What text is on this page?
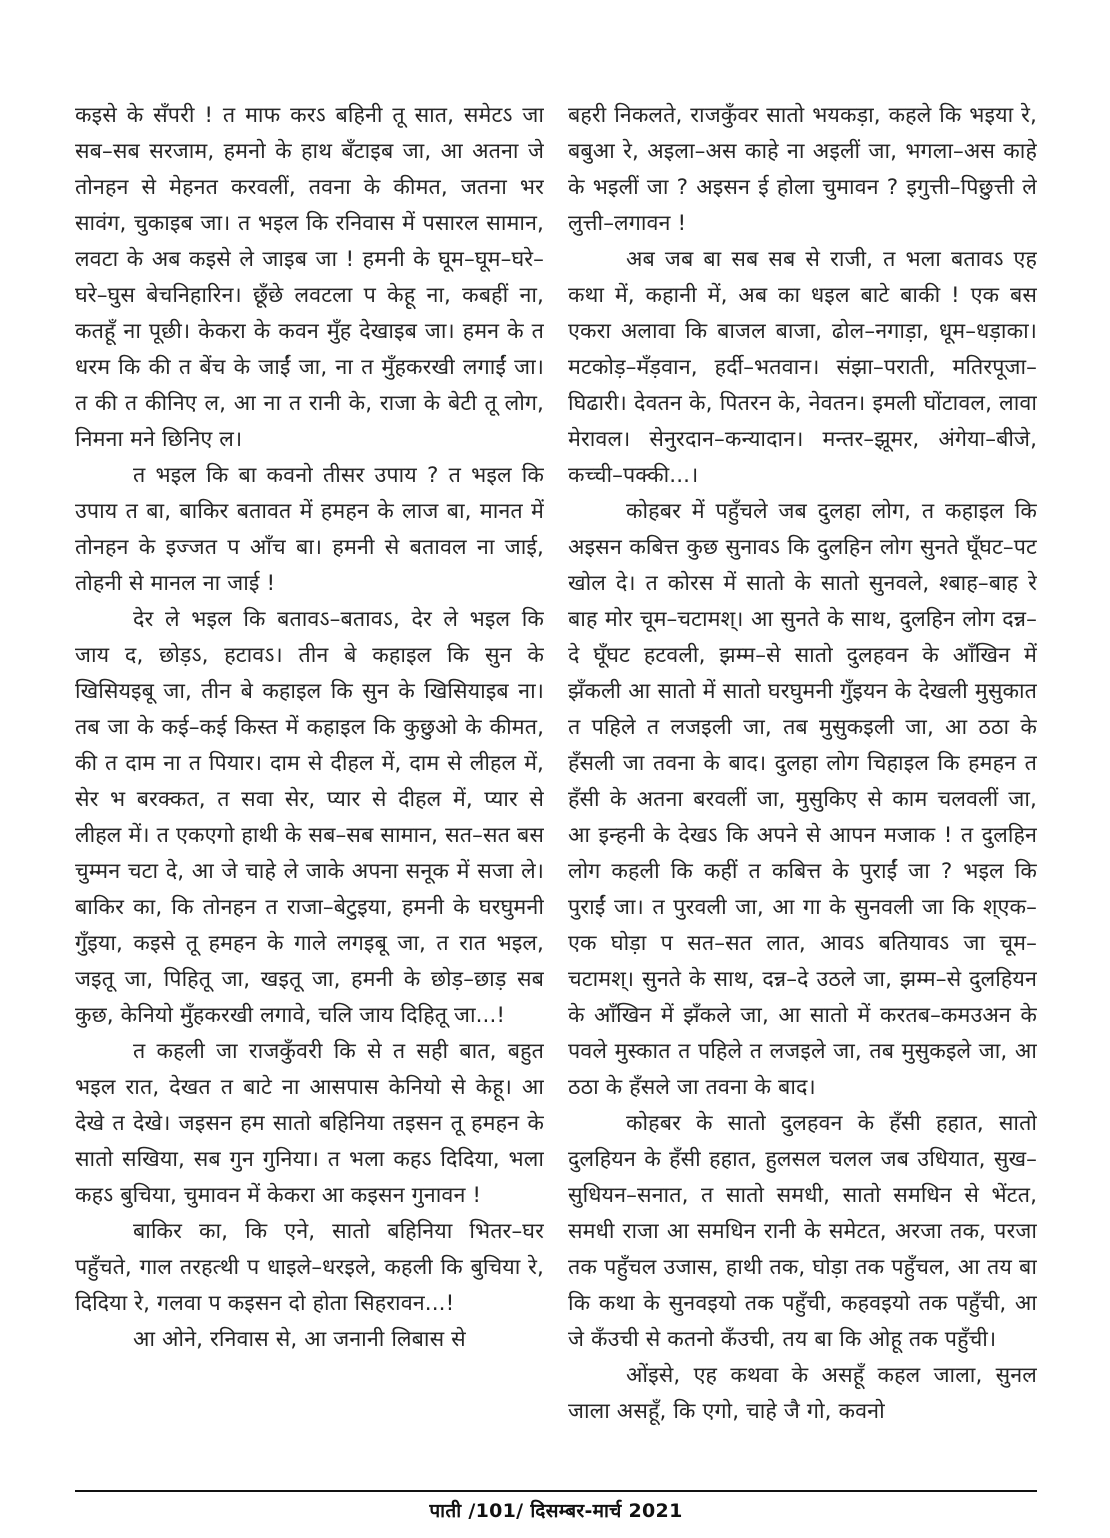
कइसे के सँपरी ! त माफ करऽ बहिनी तू सात, समेटऽ जा सब–सब सरजाम, हमनो के हाथ बँटाइब जा, आ अतना जे तोनहन से मेहनत करवलीं, तवना के कीमत, जतना भर सावंग, चुकाइब जा। त भइल कि रनिवास में पसारल सामान, लवटा के अब कइसे ले जाइब जा ! हमनी के घूम–घूम–घरे–घरे–घुस बेचनिहारिन। छूँछे लवटला प केहू ना, कबहीं ना, कतहूँ ना पूछी। केकरा के कवन मुँह देखाइब जा। हमन के त धरम कि की त बेंच के जाईं जा, ना त मुँहकरखी लगाईं जा। त की त कीनिए ल, आ ना त रानी के, राजा के बेटी तू लोग, निमना मने छिनिए ल।

त भइल कि बा कवनो तीसर उपाय ? त भइल कि उपाय त बा, बाकिर बतावत में हमहन के लाज बा, मानत में तोनहन के इज्जत प आँच बा। हमनी से बतावल ना जाई, तोहनी से मानल ना जाई !

देर ले भइल कि बतावऽ–बतावऽ, देर ले भइल कि जाय द, छोड़ऽ, हटावऽ। तीन बे कहाइल कि सुन के खिसियइबू जा, तीन बे कहाइल कि सुन के खिसियाइब ना। तब जा के कई–कई किस्त में कहाइल कि कुछुओ के कीमत, की त दाम ना त पियार। दाम से दीहल में, दाम से लीहल में, सेर भ बरक्कत, त सवा सेर, प्यार से दीहल में, प्यार से लीहल में। त एकएगो हाथी के सब–सब सामान, सत–सत बस चुम्मन चटा दे, आ जे चाहे ले जाके अपना सनूक में सजा ले। बाकिर का, कि तोनहन त राजा–बेटुइया, हमनी के घरघुमनी गुँइया, कइसे तू हमहन के गाले लगइबू जा, त रात भइल, जइतू जा, पिहितू जा, खइतू जा, हमनी के छोड़–छाड़ सब कुछ, केनियो मुँहकरखी लगावे, चलि जाय दिहितू जा...!

त कहली जा राजकुँवरी कि से त सही बात, बहुत भइल रात, देखत त बाटे ना आसपास केनियो से केहू। आ देखे त देखे। जइसन हम सातो बहिनिया तइसन तू हमहन के सातो सखिया, सब गुन गुनिया। त भला कहऽ दिदिया, भला कहऽ बुचिया, चुमावन में केकरा आ कइसन गुनावन !

बाकिर का, कि एने, सातो बहिनिया भितर–घर पहुँचते, गाल तरहत्थी प धाइले–धरइले, कहली कि बुचिया रे, दिदिया रे, गलवा प कइसन दो होता सिहरावन...!

आ ओने, रनिवास से, आ जनानी लिबास से

बहरी निकलते, राजकुँवर सातो भयकड़ा, कहले कि भइया रे, बबुआ रे, अइला–अस काहे ना अइलीं जा, भगला–अस काहे के भइलीं जा ? अइसन ई होला चुमावन ? इगुत्ती–पिछुत्ती ले लुत्ती–लगावन !

अब जब बा सब सब से राजी, त भला बतावऽ एह कथा में, कहानी में, अब का धइल बाटे बाकी ! एक बस एकरा अलावा कि बाजल बाजा, ढोल–नगाड़ा, धूम–धड़ाका। मटकोड़–मँड़वान, हर्दी–भतवान। संझा–पराती, मतिरपूजा–घिढारी। देवतन के, पितरन के, नेवतन। इमली घोंटावल, लावा मेरावल। सेनुरदान–कन्यादान। मन्तर–झूमर, अंगेया–बीजे, कच्ची–पक्की...।

कोहबर में पहुँचले जब दुलहा लोग, त कहाइल कि अइसन कबित्त कुछ सुनावऽ कि दुलहिन लोग सुनते घूँघट–पट खोल दे। त कोरस में सातो के सातो सुनवले, श्बाह–बाह रे बाह मोर चूम–चटामश्। आ सुनते के साथ, दुलहिन लोग दन्न–दे घूँघट हटवली, झम्म–से सातो दुलहवन के आँखिन में झँकली आ सातो में सातो घरघुमनी गुँइयन के देखली मुसुकात त पहिले त लजइली जा, तब मुसुकइली जा, आ ठठा के हँसली जा तवना के बाद। दुलहा लोग चिहाइल कि हमहन त हँसी के अतना बरवलीं जा, मुसुकिए से काम चलवलीं जा, आ इन्हनी के देखऽ कि अपने से आपन मजाक ! त दुलहिन लोग कहली कि कहीं त कबित्त के पुराईं जा ? भइल कि पुराईं जा। त पुरवली जा, आ गा के सुनवली जा कि श्एक–एक घोड़ा प सत–सत लात, आवऽ बतियावऽ जा चूम–चटामश्। सुनते के साथ, दन्न–दे उठले जा, झम्म–से दुलहियन के आँखिन में झँकले जा, आ सातो में करतब–कमउअन के पवले मुस्कात त पहिले त लजइले जा, तब मुसुकइले जा, आ ठठा के हँसले जा तवना के बाद।

कोहबर के सातो दुलहवन के हँसी हहात, सातो दुलहियन के हँसी हहात, हुलसल चलल जब उधियात, सुख–सुधियन–सनात, त सातो समधी, सातो समधिन से भेंटत, समधी राजा आ समधिन रानी के समेटत, अरजा तक, परजा तक पहुँचल उजास, हाथी तक, घोड़ा तक पहुँचल, आ तय बा कि कथा के सुनवइयो तक पहुँची, कहवइयो तक पहुँची, आ जे कँउची से कतनो कँउची, तय बा कि ओहू तक पहुँची।

ओंइसे, एह कथवा के असहूँ कहल जाला, सुनल जाला असहूँ, कि एगो, चाहे जै गो, कवनो

पाती /101/ दिसम्बर-मार्च 2021
